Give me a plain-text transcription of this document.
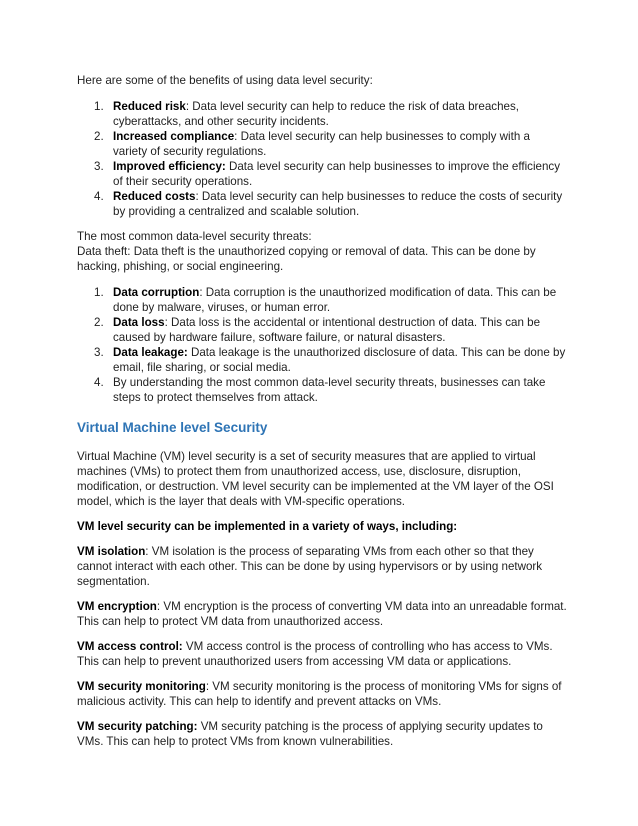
Here are some of the benefits of using data level security:

1. Reduced risk: Data level security can help to reduce the risk of data breaches, cyberattacks, and other security incidents.
2. Increased compliance: Data level security can help businesses to comply with a variety of security regulations.
3. Improved efficiency: Data level security can help businesses to improve the efficiency of their security operations.
4. Reduced costs: Data level security can help businesses to reduce the costs of security by providing a centralized and scalable solution.

The most common data-level security threats:

Data theft: Data theft is the unauthorized copying or removal of data. This can be done by hacking, phishing, or social engineering.

1. Data corruption: Data corruption is the unauthorized modification of data. This can be done by malware, viruses, or human error.
2. Data loss: Data loss is the accidental or intentional destruction of data. This can be caused by hardware failure, software failure, or natural disasters.
3. Data leakage: Data leakage is the unauthorized disclosure of data. This can be done by email, file sharing, or social media.
4. By understanding the most common data-level security threats, businesses can take steps to protect themselves from attack.

Virtual Machine level Security

Virtual Machine (VM) level security is a set of security measures that are applied to virtual machines (VMs) to protect them from unauthorized access, use, disclosure, disruption, modification, or destruction. VM level security can be implemented at the VM layer of the OSI model, which is the layer that deals with VM-specific operations.

VM level security can be implemented in a variety of ways, including:

VM isolation: VM isolation is the process of separating VMs from each other so that they cannot interact with each other. This can be done by using hypervisors or by using network segmentation.

VM encryption: VM encryption is the process of converting VM data into an unreadable format. This can help to protect VM data from unauthorized access.

VM access control: VM access control is the process of controlling who has access to VMs. This can help to prevent unauthorized users from accessing VM data or applications.

VM security monitoring: VM security monitoring is the process of monitoring VMs for signs of malicious activity. This can help to identify and prevent attacks on VMs.

VM security patching: VM security patching is the process of applying security updates to VMs. This can help to protect VMs from known vulnerabilities.
